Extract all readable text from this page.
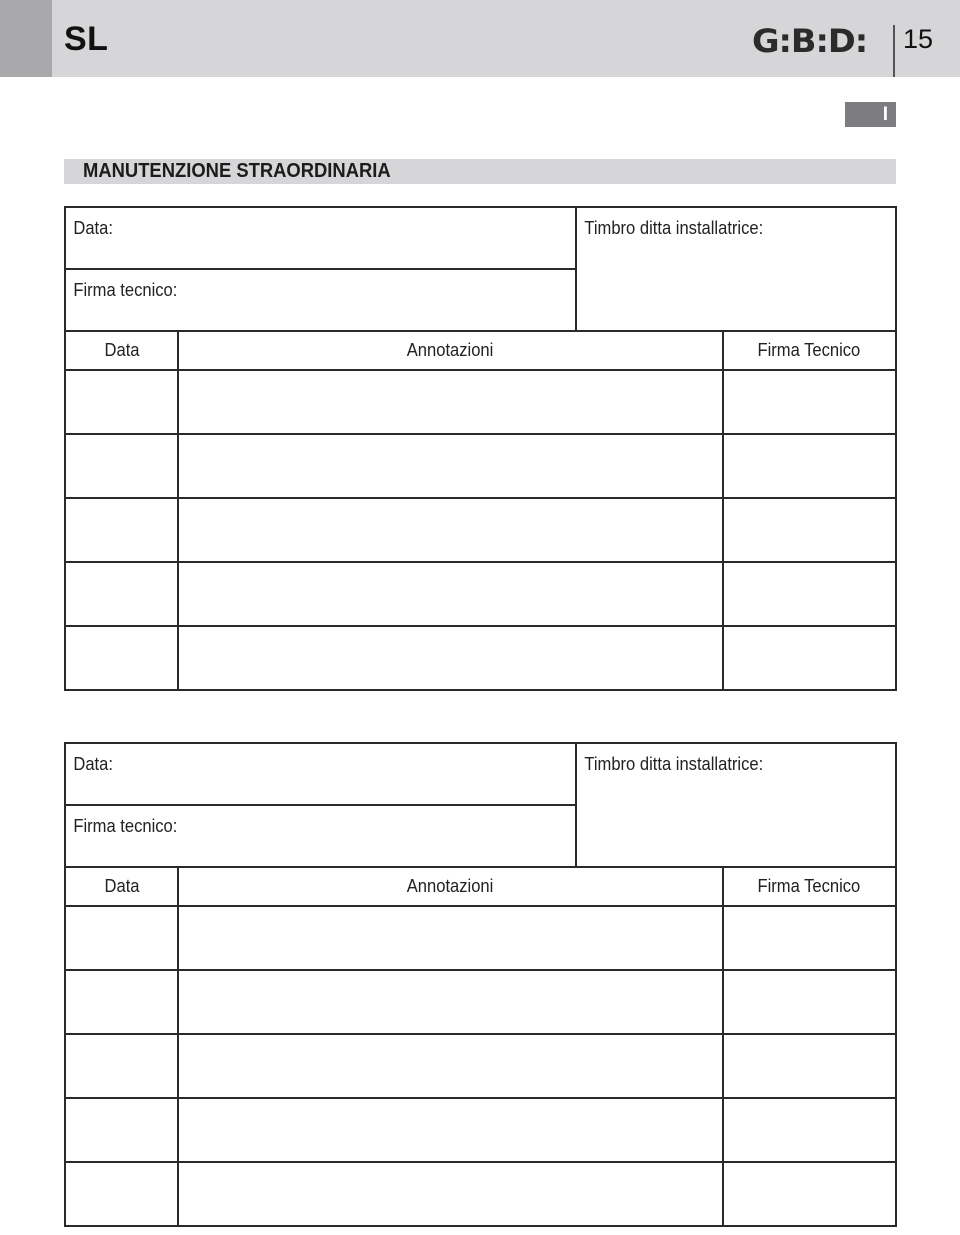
SL	G:B:D: 15
I
MANUTENZIONE STRAORDINARIA
Data:	Timbro ditta installatrice:

Firma tecnico:
Data	Annotazioni	Firma Tecnico

Data:	Timbro ditta installatrice:

Firma tecnico:
Data	Annotazioni	Firma Tecnico
